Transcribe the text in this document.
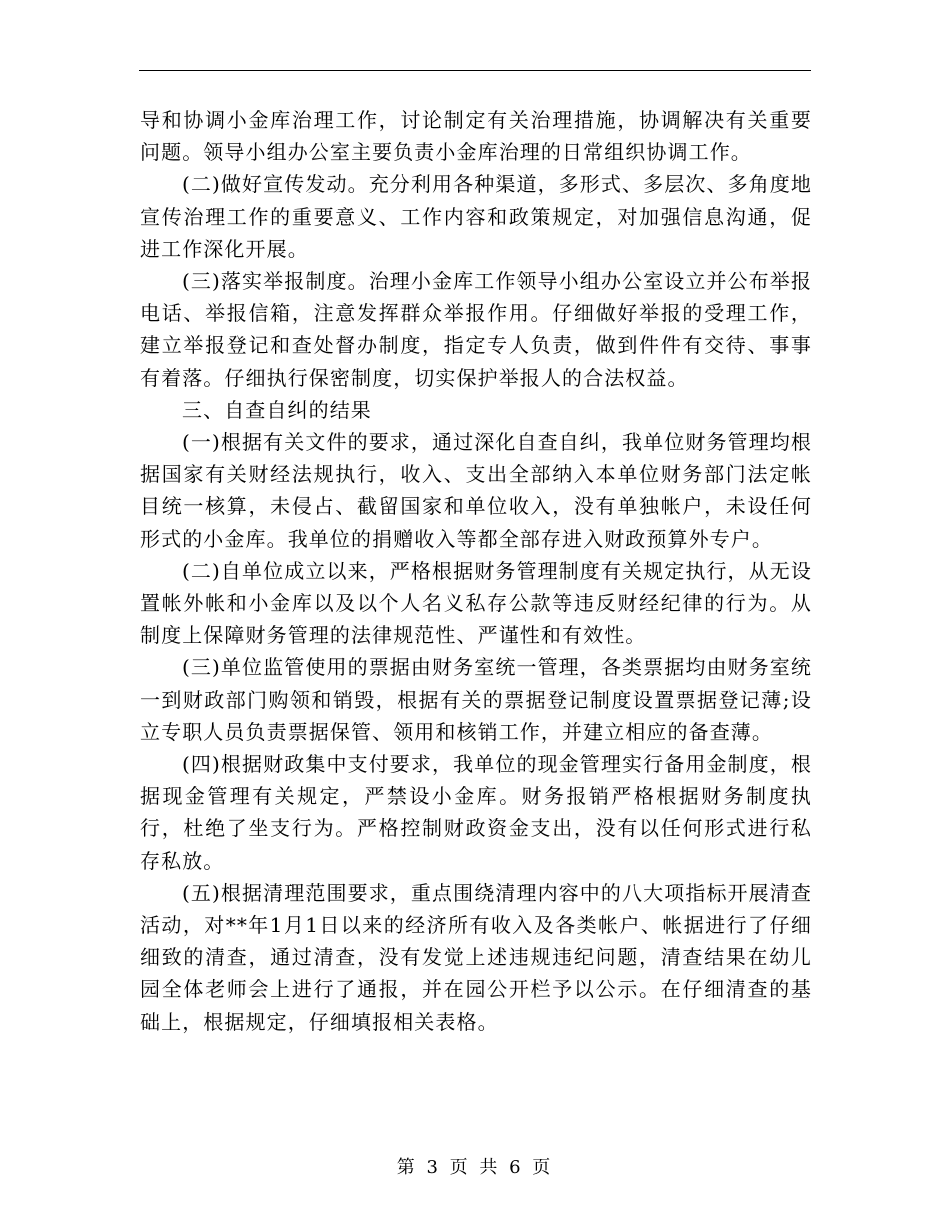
导和协调小金库治理工作，讨论制定有关治理措施，协调解决有关重要问题。领导小组办公室主要负责小金库治理的日常组织协调工作。

(二)做好宣传发动。充分利用各种渠道，多形式、多层次、多角度地宣传治理工作的重要意义、工作内容和政策规定，对加强信息沟通，促进工作深化开展。

(三)落实举报制度。治理小金库工作领导小组办公室设立并公布举报电话、举报信箱，注意发挥群众举报作用。仔细做好举报的受理工作，建立举报登记和查处督办制度，指定专人负责，做到件件有交待、事事有着落。仔细执行保密制度，切实保护举报人的合法权益。

三、自查自纠的结果

(一)根据有关文件的要求，通过深化自查自纠，我单位财务管理均根据国家有关财经法规执行，收入、支出全部纳入本单位财务部门法定帐目统一核算，未侵占、截留国家和单位收入，没有单独帐户，未设任何形式的小金库。我单位的捐赠收入等都全部存进入财政预算外专户。

(二)自单位成立以来，严格根据财务管理制度有关规定执行，从无设置帐外帐和小金库以及以个人名义私存公款等违反财经纪律的行为。从制度上保障财务管理的法律规范性、严谨性和有效性。

(三)单位监管使用的票据由财务室统一管理，各类票据均由财务室统一到财政部门购领和销毁，根据有关的票据登记制度设置票据登记薄;设立专职人员负责票据保管、领用和核销工作，并建立相应的备查薄。

(四)根据财政集中支付要求，我单位的现金管理实行备用金制度，根据现金管理有关规定，严禁设小金库。财务报销严格根据财务制度执行，杜绝了坐支行为。严格控制财政资金支出，没有以任何形式进行私存私放。

(五)根据清理范围要求，重点围绕清理内容中的八大项指标开展清查活动，对**年1月1日以来的经济所有收入及各类帐户、帐据进行了仔细细致的清查，通过清查，没有发觉上述违规违纪问题，清查结果在幼儿园全体老师会上进行了通报，并在园公开栏予以公示。在仔细清查的基础上，根据规定，仔细填报相关表格。

第 3 页 共 6 页
